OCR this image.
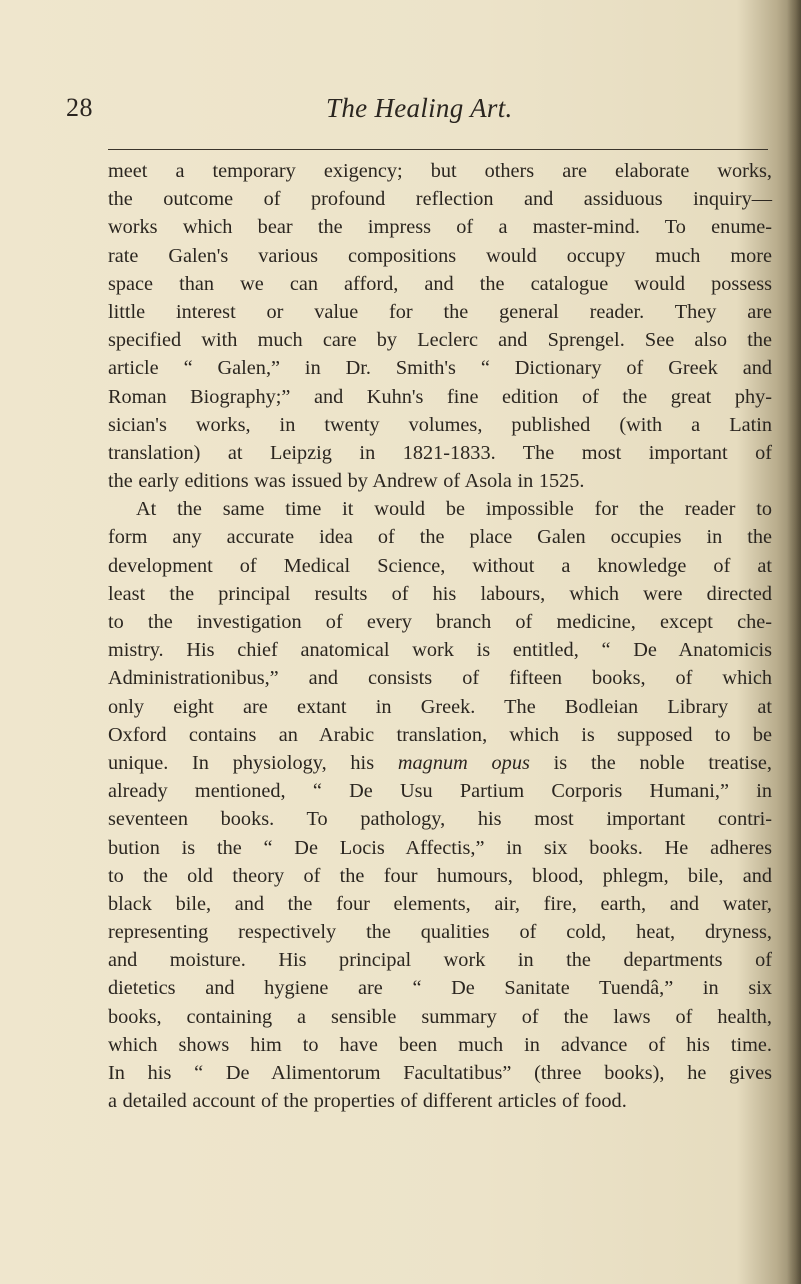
28	The Healing Art.
meet a temporary exigency; but others are elaborate works,
the outcome of profound reflection and assiduous inquiry—
works which bear the impress of a master-mind. To enume-
rate Galen's various compositions would occupy much more
space than we can afford, and the catalogue would possess
little interest or value for the general reader. They are
specified with much care by Leclerc and Sprengel. See also the
article “ Galen,” in Dr. Smith's “ Dictionary of Greek and
Roman Biography;” and Kuhn's fine edition of the great phy-
sician's works, in twenty volumes, published (with a Latin
translation) at Leipzig in 1821-1833. The most important of
the early editions was issued by Andrew of Asola in 1525.
At the same time it would be impossible for the reader to
form any accurate idea of the place Galen occupies in the
development of Medical Science, without a knowledge of at
least the principal results of his labours, which were directed
to the investigation of every branch of medicine, except che-
mistry. His chief anatomical work is entitled, “ De Anatomicis
Administrationibus,” and consists of fifteen books, of which
only eight are extant in Greek. The Bodleian Library at
Oxford contains an Arabic translation, which is supposed to be
unique. In physiology, his magnum opus is the noble treatise,
already mentioned, “ De Usu Partium Corporis Humani,” in
seventeen books. To pathology, his most important contri-
bution is the “ De Locis Affectis,” in six books. He adheres
to the old theory of the four humours, blood, phlegm, bile, and
black bile, and the four elements, air, fire, earth, and water,
representing respectively the qualities of cold, heat, dryness,
and moisture. His principal work in the departments of
dietetics and hygiene are “ De Sanitate Tuendâ,” in six
books, containing a sensible summary of the laws of health,
which shows him to have been much in advance of his time.
In his “ De Alimentorum Facultatibus” (three books), he gives
a detailed account of the properties of different articles of food.
